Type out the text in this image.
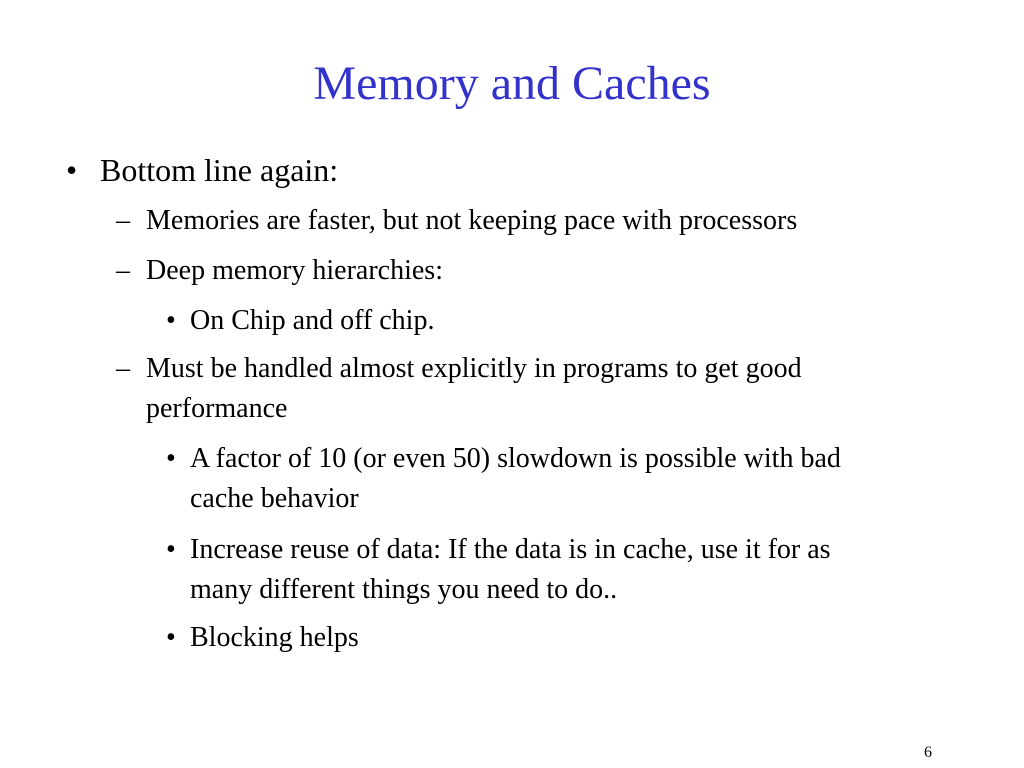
Memory and Caches
• Bottom line again:
– Memories are faster, but not keeping pace with processors
– Deep memory hierarchies:
• On Chip and off chip.
– Must be handled almost explicitly in programs to get good
performance
• A factor of 10 (or even 50) slowdown is possible with bad
cache behavior
• Increase reuse of data: If the data is in cache, use it for as
many different things you need to do..
• Blocking helps
6
